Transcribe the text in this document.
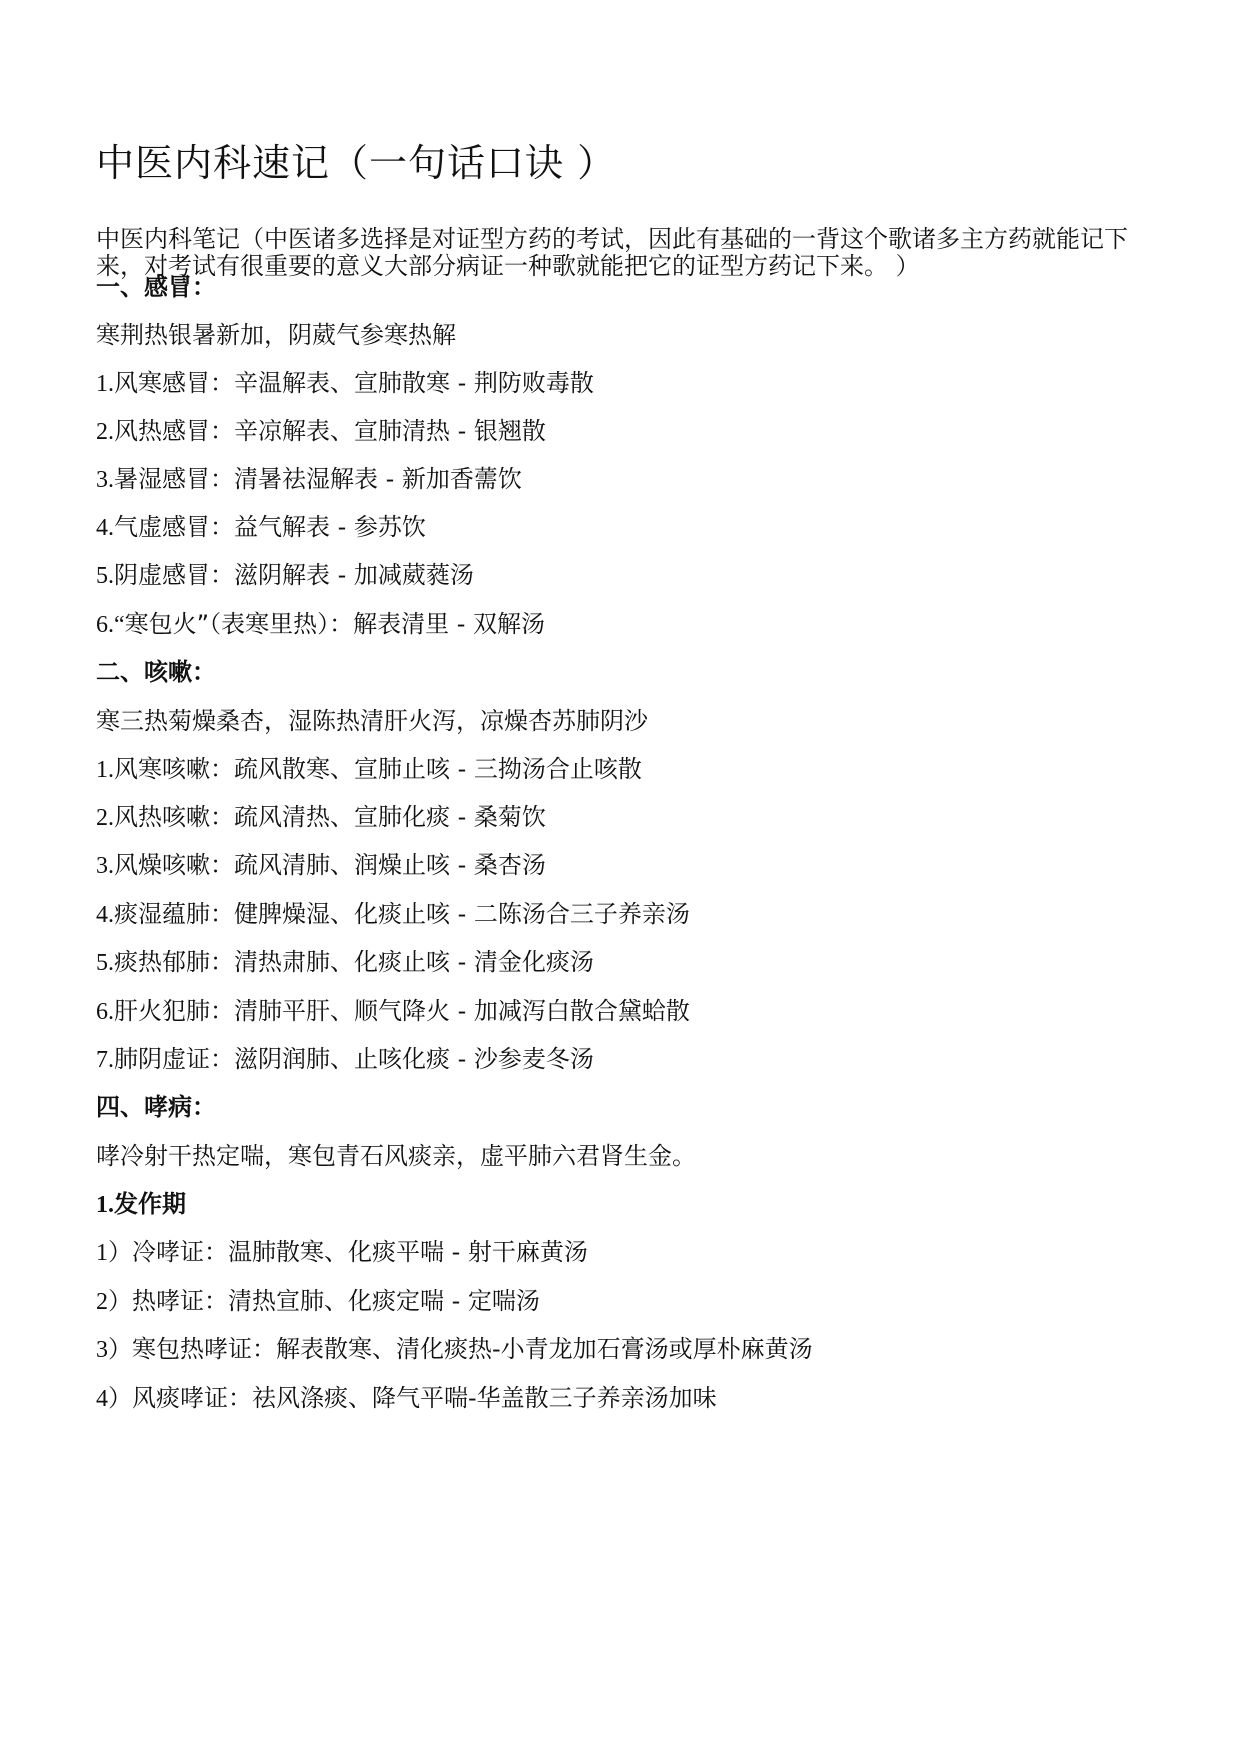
中医内科速记（一句话口诀 ）

中医内科笔记（中医诸多选择是对证型方药的考试，因此有基础的一背这个歌诸多主方药就能记下来，对考试有很重要的意义大部分病证一种歌就能把它的证型方药记下来。 ）

一、感冒：

寒荆热银暑新加，阴葳气参寒热解

1.风寒感冒：辛温解表、宣肺散寒 - 荆防败毒散

2.风热感冒：辛凉解表、宣肺清热 - 银翘散

3.暑湿感冒：清暑祛湿解表 - 新加香薷饮

4.气虚感冒：益气解表 - 参苏饮

5.阴虚感冒：滋阴解表 - 加减葳蕤汤

6.“寒包火”（表寒里热）：解表清里 - 双解汤

二、咳嗽：

寒三热菊燥桑杏，湿陈热清肝火泻，凉燥杏苏肺阴沙

1.风寒咳嗽：疏风散寒、宣肺止咳 - 三拗汤合止咳散

2.风热咳嗽：疏风清热、宣肺化痰 - 桑菊饮

3.风燥咳嗽：疏风清肺、润燥止咳 - 桑杏汤

4.痰湿蕴肺：健脾燥湿、化痰止咳 - 二陈汤合三子养亲汤

5.痰热郁肺：清热肃肺、化痰止咳 - 清金化痰汤

6.肝火犯肺：清肺平肝、顺气降火 - 加减泻白散合黛蛤散

7.肺阴虚证：滋阴润肺、止咳化痰 - 沙参麦冬汤

四、哮病：

哮冷射干热定喘，寒包青石风痰亲，虚平肺六君肾生金。

1.发作期

1）冷哮证：温肺散寒、化痰平喘 - 射干麻黄汤

2）热哮证：清热宣肺、化痰定喘 - 定喘汤

3）寒包热哮证：解表散寒、清化痰热-小青龙加石膏汤或厚朴麻黄汤

4）风痰哮证：祛风涤痰、降气平喘-华盖散三子养亲汤加味
